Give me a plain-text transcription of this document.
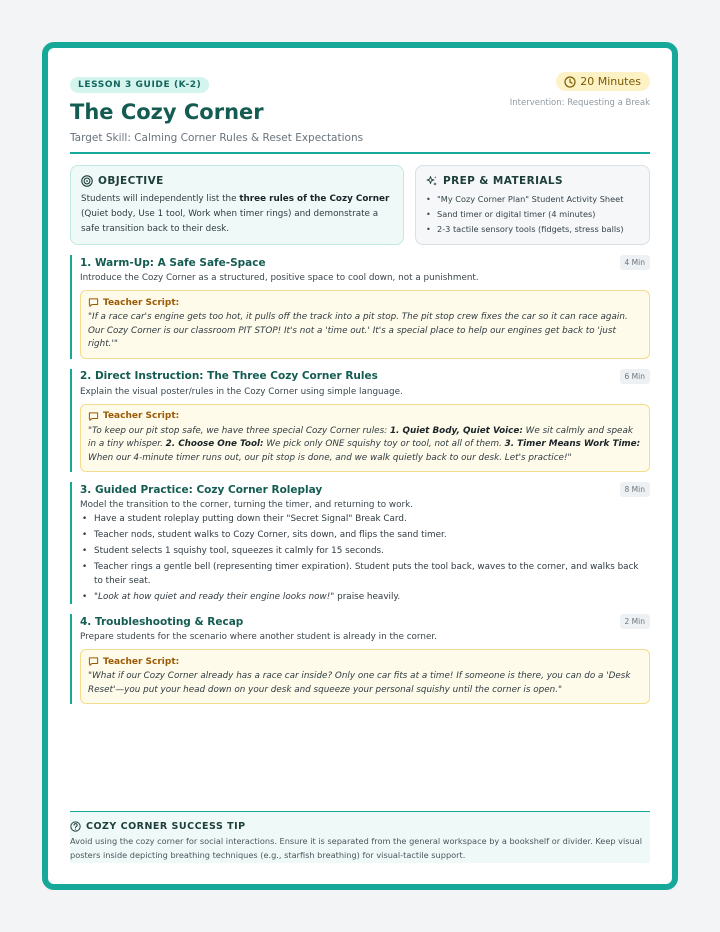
LESSON 3 GUIDE (K-2)	20 Minutes
Intervention: Requesting a Break
The Cozy Corner
Target Skill: Calming Corner Rules & Reset Expectations
OBJECTIVE
Students will independently list the three rules of the Cozy Corner (Quiet body, Use 1 tool, Work when timer rings) and demonstrate a safe transition back to their desk.
PREP & MATERIALS
• "My Cozy Corner Plan" Student Activity Sheet
• Sand timer or digital timer (4 minutes)
• 2-3 tactile sensory tools (fidgets, stress balls)
1. Warm-Up: A Safe Safe-Space	4 Min
Introduce the Cozy Corner as a structured, positive space to cool down, not a punishment.
Teacher Script:
"If a race car's engine gets too hot, it pulls off the track into a pit stop. The pit stop crew fixes the car so it can race again. Our Cozy Corner is our classroom PIT STOP! It's not a 'time out.' It's a special place to help our engines get back to 'just right.'"
2. Direct Instruction: The Three Cozy Corner Rules	6 Min
Explain the visual poster/rules in the Cozy Corner using simple language.
Teacher Script:
"To keep our pit stop safe, we have three special Cozy Corner rules: 1. Quiet Body, Quiet Voice: We sit calmly and speak in a tiny whisper. 2. Choose One Tool: We pick only ONE squishy toy or tool, not all of them. 3. Timer Means Work Time: When our 4-minute timer runs out, our pit stop is done, and we walk quietly back to our desk. Let's practice!"
3. Guided Practice: Cozy Corner Roleplay	8 Min
Model the transition to the corner, turning the timer, and returning to work.
• Have a student roleplay putting down their "Secret Signal" Break Card.
• Teacher nods, student walks to Cozy Corner, sits down, and flips the sand timer.
• Student selects 1 squishy tool, squeezes it calmly for 15 seconds.
• Teacher rings a gentle bell (representing timer expiration). Student puts the tool back, waves to the corner, and walks back to their seat.
• "Look at how quiet and ready their engine looks now!" praise heavily.
4. Troubleshooting & Recap	2 Min
Prepare students for the scenario where another student is already in the corner.
Teacher Script:
"What if our Cozy Corner already has a race car inside? Only one car fits at a time! If someone is there, you can do a 'Desk Reset'—you put your head down on your desk and squeeze your personal squishy until the corner is open."
COZY CORNER SUCCESS TIP
Avoid using the cozy corner for social interactions. Ensure it is separated from the general workspace by a bookshelf or divider. Keep visual posters inside depicting breathing techniques (e.g., starfish breathing) for visual-tactile support.
